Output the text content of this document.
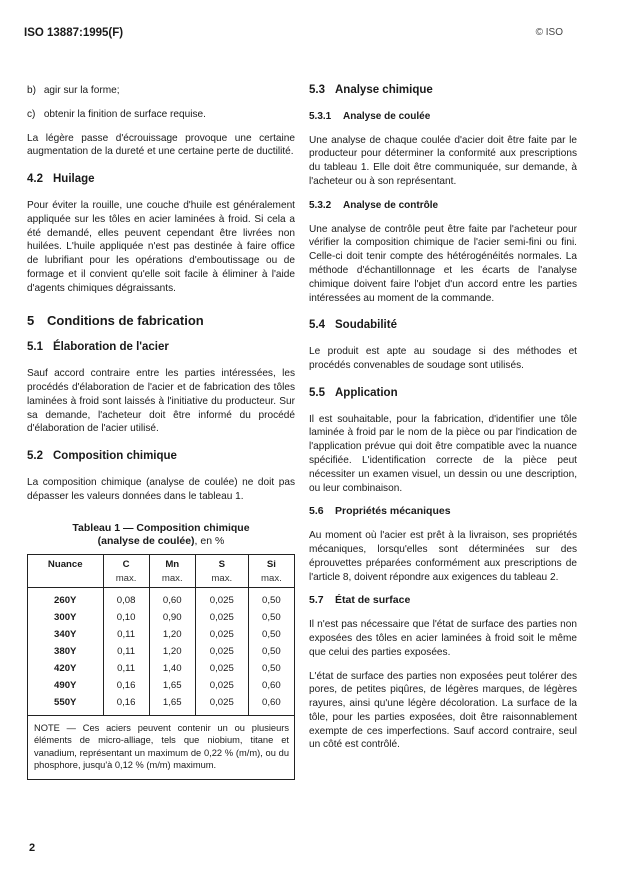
ISO 13887:1995(F)	© ISO
b) agir sur la forme;
c) obtenir la finition de surface requise.

La légère passe d'écrouissage provoque une certaine augmentation de la dureté et une certaine perte de ductilité.

4.2 Huilage

Pour éviter la rouille, une couche d'huile est généralement appliquée sur les tôles en acier laminées à froid. Si cela a été demandé, elles peuvent cependant être livrées non huilées. L'huile appliquée n'est pas destinée à faire office de lubrifiant pour les opérations d'emboutissage ou de formage et il convient qu'elle soit facile à éliminer à l'aide d'agents chimiques dégraissants.

5 Conditions de fabrication
5.1 Élaboration de l'acier

Sauf accord contraire entre les parties intéressées, les procédés d'élaboration de l'acier et de fabrication des tôles laminées à froid sont laissés à l'initiative du producteur. Sur sa demande, l'acheteur doit être informé du procédé d'élaboration de l'acier utilisé.

5.2 Composition chimique

La composition chimique (analyse de coulée) ne doit pas dépasser les valeurs données dans le tableau 1.

Tableau 1 — Composition chimique
(analyse de coulée), en %
Nuance	C	Mn	S	Si
	max.	max.	max.	max.
260Y	0,08	0,60	0,025	0,50
300Y	0,10	0,90	0,025	0,50
340Y	0,11	1,20	0,025	0,50
380Y	0,11	1,20	0,025	0,50
420Y	0,11	1,40	0,025	0,50
490Y	0,16	1,65	0,025	0,60
550Y	0,16	1,65	0,025	0,60
NOTE — Ces aciers peuvent contenir un ou plusieurs éléments de micro-alliage, tels que niobium, titane et vanadium, représentant un maximum de 0,22 % (m/m), ou du phosphore, jusqu'à 0,12 % (m/m) maximum.
5.3 Analyse chimique
5.3.1 Analyse de coulée

Une analyse de chaque coulée d'acier doit être faite par le producteur pour déterminer la conformité aux prescriptions du tableau 1. Elle doit être communiquée, sur demande, à l'acheteur ou à son représentant.

5.3.2 Analyse de contrôle

Une analyse de contrôle peut être faite par l'acheteur pour vérifier la composition chimique de l'acier semi-fini ou fini. Celle-ci doit tenir compte des hétérogénéités normales. La méthode d'échantillonnage et les écarts de l'analyse chimique doivent faire l'objet d'un accord entre les parties intéressées au moment de la commande.

5.4 Soudabilité

Le produit est apte au soudage si des méthodes et procédés convenables de soudage sont utilisés.

5.5 Application

Il est souhaitable, pour la fabrication, d'identifier une tôle laminée à froid par le nom de la pièce ou par l'indication de l'application prévue qui doit être compatible avec la nuance spécifiée. L'identification correcte de la pièce peut nécessiter un examen visuel, un dessin ou une description, ou leur combinaison.

5.6 Propriétés mécaniques

Au moment où l'acier est prêt à la livraison, ses propriétés mécaniques, lorsqu'elles sont déterminées sur des éprouvettes préparées conformément aux prescriptions de l'article 8, doivent répondre aux exigences du tableau 2.

5.7 État de surface

Il n'est pas nécessaire que l'état de surface des parties non exposées des tôles en acier laminées à froid soit le même que celui des parties exposées.

L'état de surface des parties non exposées peut tolérer des pores, de petites piqûres, de légères marques, de légères rayures, ainsi qu'une légère décoloration. La surface de la tôle, pour les parties exposées, doit être raisonnablement exempte de ces imperfections. Sauf accord contraire, seul un côté est contrôlé.

2
